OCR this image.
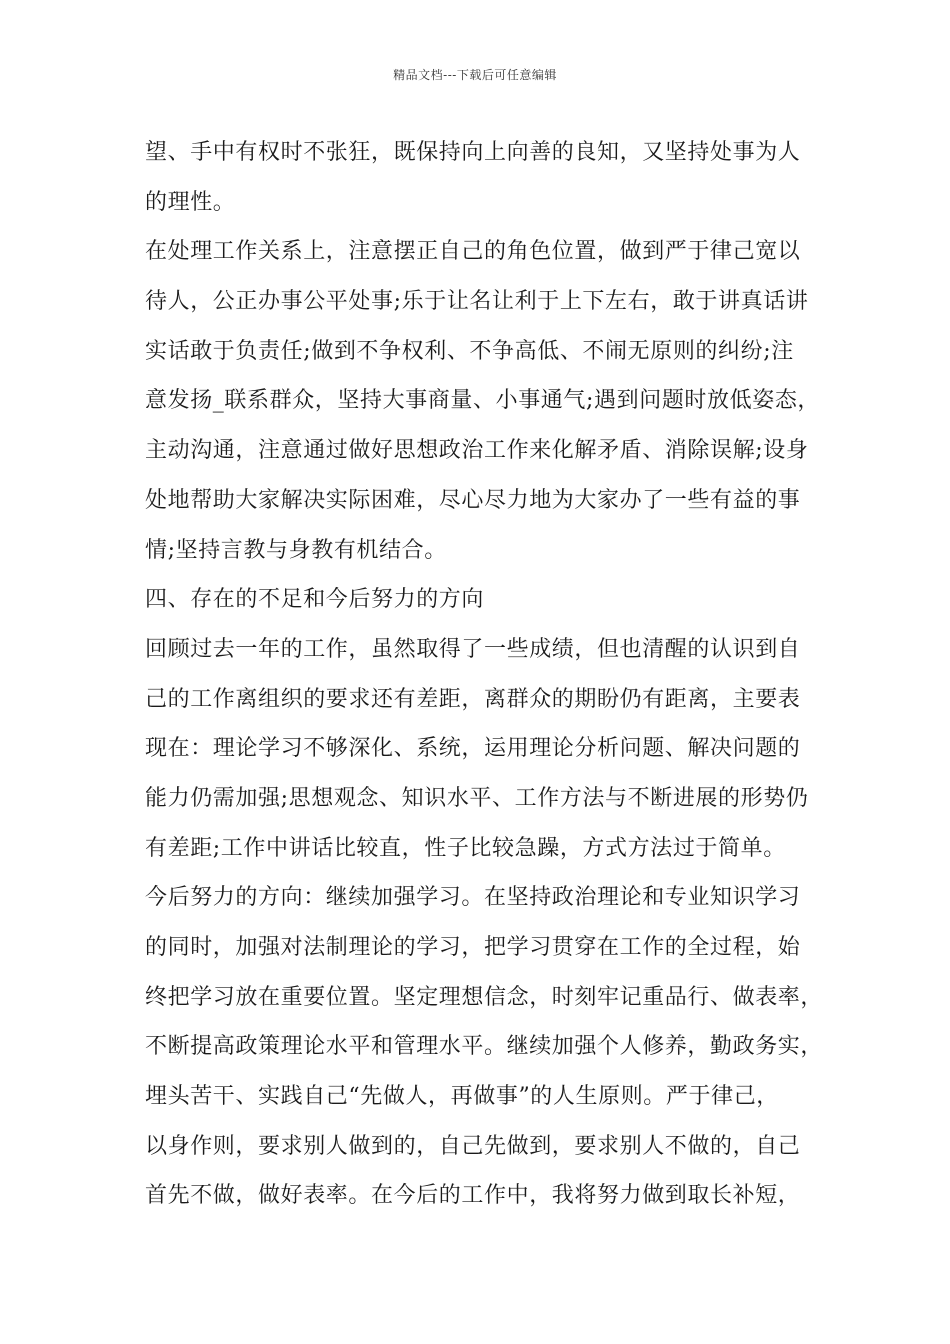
精品文档---下载后可任意编辑
望、手中有权时不张狂，既保持向上向善的良知，又坚持处事为人
的理性。
在处理工作关系上，注意摆正自己的角色位置，做到严于律己宽以
待人，公正办事公平处事;乐于让名让利于上下左右，敢于讲真话讲
实话敢于负责任;做到不争权利、不争高低、不闹无原则的纠纷;注
意发扬_联系群众，坚持大事商量、小事通气;遇到问题时放低姿态，
主动沟通，注意通过做好思想政治工作来化解矛盾、消除误解;设身
处地帮助大家解决实际困难，尽心尽力地为大家办了一些有益的事
情;坚持言教与身教有机结合。
四、存在的不足和今后努力的方向
回顾过去一年的工作，虽然取得了一些成绩，但也清醒的认识到自
己的工作离组织的要求还有差距，离群众的期盼仍有距离，主要表
现在：理论学习不够深化、系统，运用理论分析问题、解决问题的
能力仍需加强;思想观念、知识水平、工作方法与不断进展的形势仍
有差距;工作中讲话比较直，性子比较急躁，方式方法过于简单。
今后努力的方向：继续加强学习。在坚持政治理论和专业知识学习
的同时，加强对法制理论的学习，把学习贯穿在工作的全过程，始
终把学习放在重要位置。坚定理想信念，时刻牢记重品行、做表率，
不断提高政策理论水平和管理水平。继续加强个人修养，勤政务实，
埋头苦干、实践自己“先做人，再做事”的人生原则。严于律己，
以身作则，要求别人做到的，自己先做到，要求别人不做的，自己
首先不做，做好表率。在今后的工作中，我将努力做到取长补短，
